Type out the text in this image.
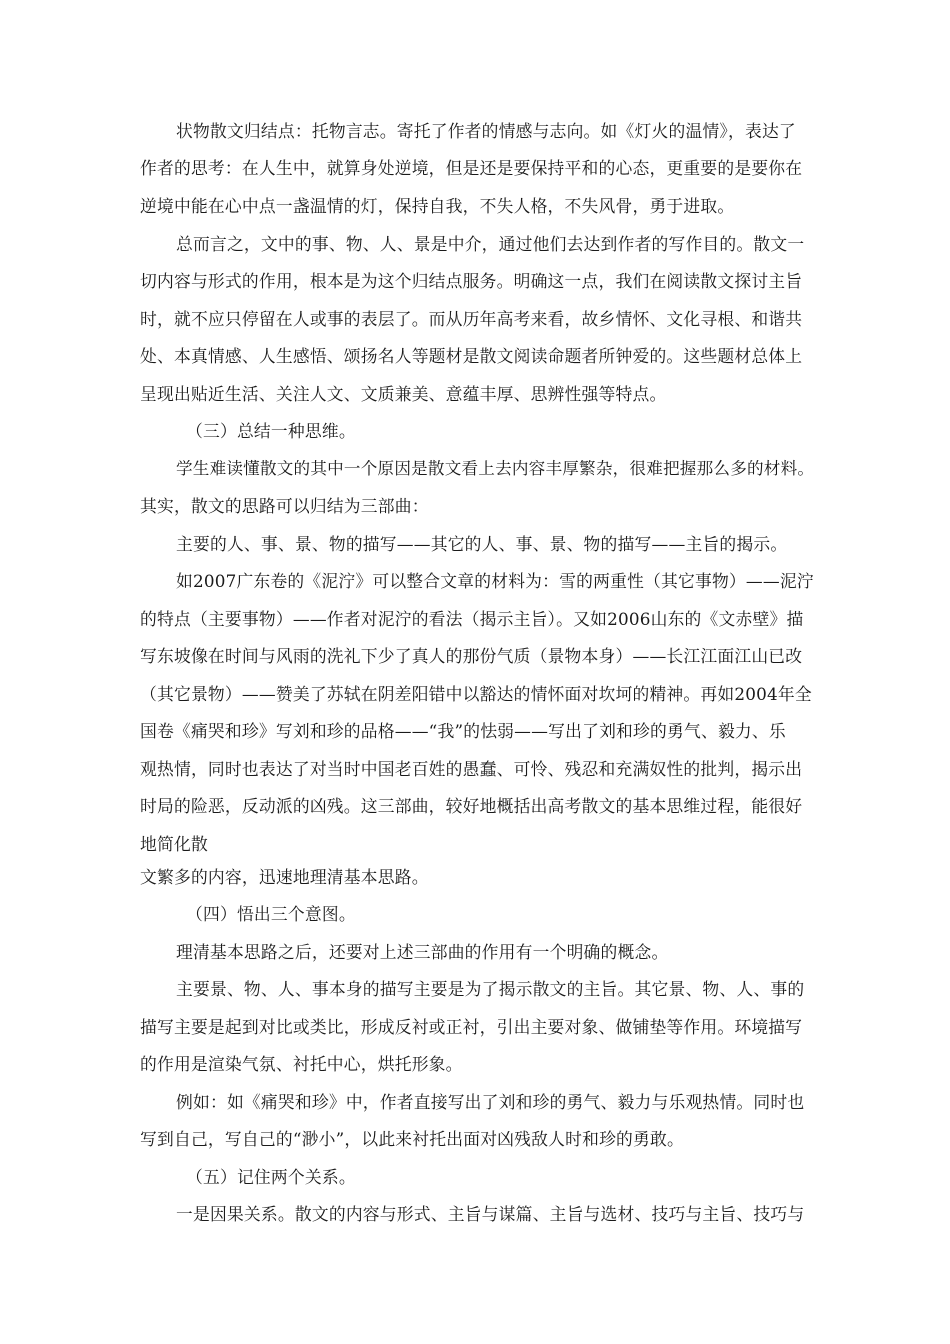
状物散文归结点：托物言志。寄托了作者的情感与志向。如《灯火的温情》，表达了
作者的思考：在人生中，就算身处逆境，但是还是要保持平和的心态，更重要的是要你在
逆境中能在心中点一盏温情的灯，保持自我，不失人格，不失风骨，勇于进取。
总而言之，文中的事、物、人、景是中介，通过他们去达到作者的写作目的。散文一
切内容与形式的作用，根本是为这个归结点服务。明确这一点，我们在阅读散文探讨主旨
时，就不应只停留在人或事的表层了。而从历年高考来看，故乡情怀、文化寻根、和谐共
处、本真情感、人生感悟、颂扬名人等题材是散文阅读命题者所钟爱的。这些题材总体上
呈现出贴近生活、关注人文、文质兼美、意蕴丰厚、思辨性强等特点。
（三）总结一种思维。
学生难读懂散文的其中一个原因是散文看上去内容丰厚繁杂，很难把握那么多的材料。
其实，散文的思路可以归结为三部曲：
主要的人、事、景、物的描写——其它的人、事、景、物的描写——主旨的揭示。
如2007广东卷的《泥泞》可以整合文章的材料为：雪的两重性（其它事物）——泥泞
的特点（主要事物）——作者对泥泞的看法（揭示主旨）。又如2006山东的《文赤壁》描
写东坡像在时间与风雨的洗礼下少了真人的那份气质（景物本身）——长江江面江山已改
（其它景物）——赞美了苏轼在阴差阳错中以豁达的情怀面对坎坷的精神。再如2004年全
国卷《痛哭和珍》写刘和珍的品格——“我”的怯弱——写出了刘和珍的勇气、毅力、乐
观热情，同时也表达了对当时中国老百姓的愚蠢、可怜、残忍和充满奴性的批判，揭示出
时局的险恶，反动派的凶残。这三部曲，较好地概括出高考散文的基本思维过程，能很好
地简化散
文繁多的内容，迅速地理清基本思路。
（四）悟出三个意图。
理清基本思路之后，还要对上述三部曲的作用有一个明确的概念。
主要景、物、人、事本身的描写主要是为了揭示散文的主旨。其它景、物、人、事的
描写主要是起到对比或类比，形成反衬或正衬，引出主要对象、做铺垫等作用。环境描写
的作用是渲染气氛、衬托中心，烘托形象。
例如：如《痛哭和珍》中，作者直接写出了刘和珍的勇气、毅力与乐观热情。同时也
写到自己，写自己的“渺小”，以此来衬托出面对凶残敌人时和珍的勇敢。
（五）记住两个关系。
一是因果关系。散文的内容与形式、主旨与谋篇、主旨与选材、技巧与主旨、技巧与
